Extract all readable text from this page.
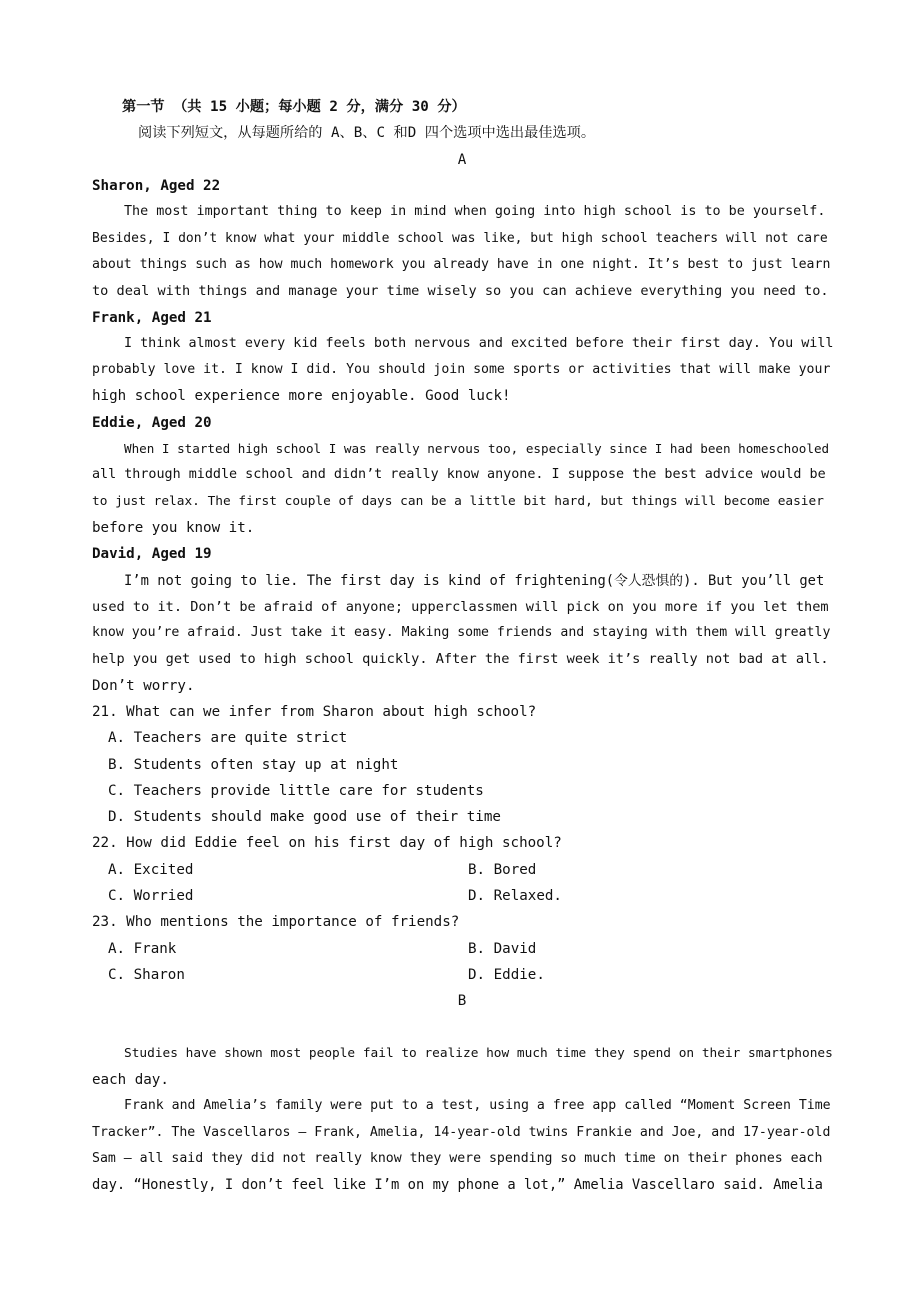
第一节 （共 15 小题；每小题 2 分，满分 30 分）
阅读下列短文，从每题所给的 A、B、C 和D 四个选项中选出最佳选项。
A
Sharon, Aged 22
The most important thing to keep in mind when going into high school is to be yourself.
Besides, I don’t know what your middle school was like, but high school teachers will not care
about things such as how much homework you already have in one night. It’s best to just learn
to deal with things and manage your time wisely so you can achieve everything you need to.
Frank, Aged 21
I think almost every kid feels both nervous and excited before their first day. You will
probably love it. I know I did. You should join some sports or activities that will make your
high school experience more enjoyable. Good luck!
Eddie, Aged 20
When I started high school I was really nervous too, especially since I had been homeschooled
all through middle school and didn’t really know anyone. I suppose the best advice would be
to just relax. The first couple of days can be a little bit hard, but things will become easier
before you know it.
David, Aged 19
I’m not going to lie. The first day is kind of frightening(令人恐惧的). But you’ll get
used to it. Don’t be afraid of anyone; upperclassmen will pick on you more if you let them
know you’re afraid. Just take it easy. Making some friends and staying with them will greatly
help you get used to high school quickly. After the first week it’s really not bad at all.
Don’t worry.
21. What can we infer from Sharon about high school?
A. Teachers are quite strict
B. Students often stay up at night
C. Teachers provide little care for students
D. Students should make good use of their time
22. How did Eddie feel on his first day of high school?
A. Excited	B. Bored
C. Worried	D. Relaxed.
23. Who mentions the importance of friends?
A. Frank	B. David
C. Sharon	D. Eddie.
B
Studies have shown most people fail to realize how much time they spend on their smartphones
each day.
Frank and Amelia’s family were put to a test, using a free app called “Moment Screen Time
Tracker”. The Vascellaros — Frank, Amelia, 14-year-old twins Frankie and Joe, and 17-year-old
Sam — all said they did not really know they were spending so much time on their phones each
day. “Honestly, I don’t feel like I’m on my phone a lot,” Amelia Vascellaro said. Amelia
